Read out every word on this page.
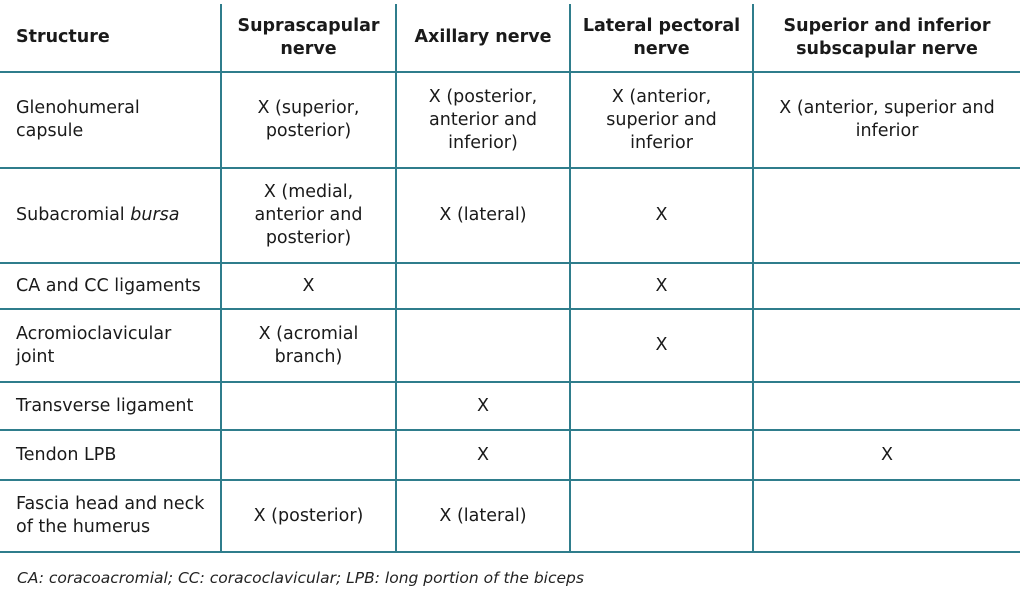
Structure	Suprascapular nerve	Axillary nerve	Lateral pectoral nerve	Superior and inferior subscapular nerve
Glenohumeral capsule	X (superior, posterior)	X (posterior, anterior and inferior)	X (anterior, superior and inferior	X (anterior, superior and inferior
Subacromial bursa	X (medial, anterior and posterior)	X (lateral)	X	
CA and CC ligaments	X		X	
Acromioclavicular joint	X (acromial branch)		X	
Transverse ligament		X		
Tendon LPB		X		X
Fascia head and neck of the humerus	X (posterior)	X (lateral)		
CA: coracoacromial; CC: coracoclavicular; LPB: long portion of the biceps
